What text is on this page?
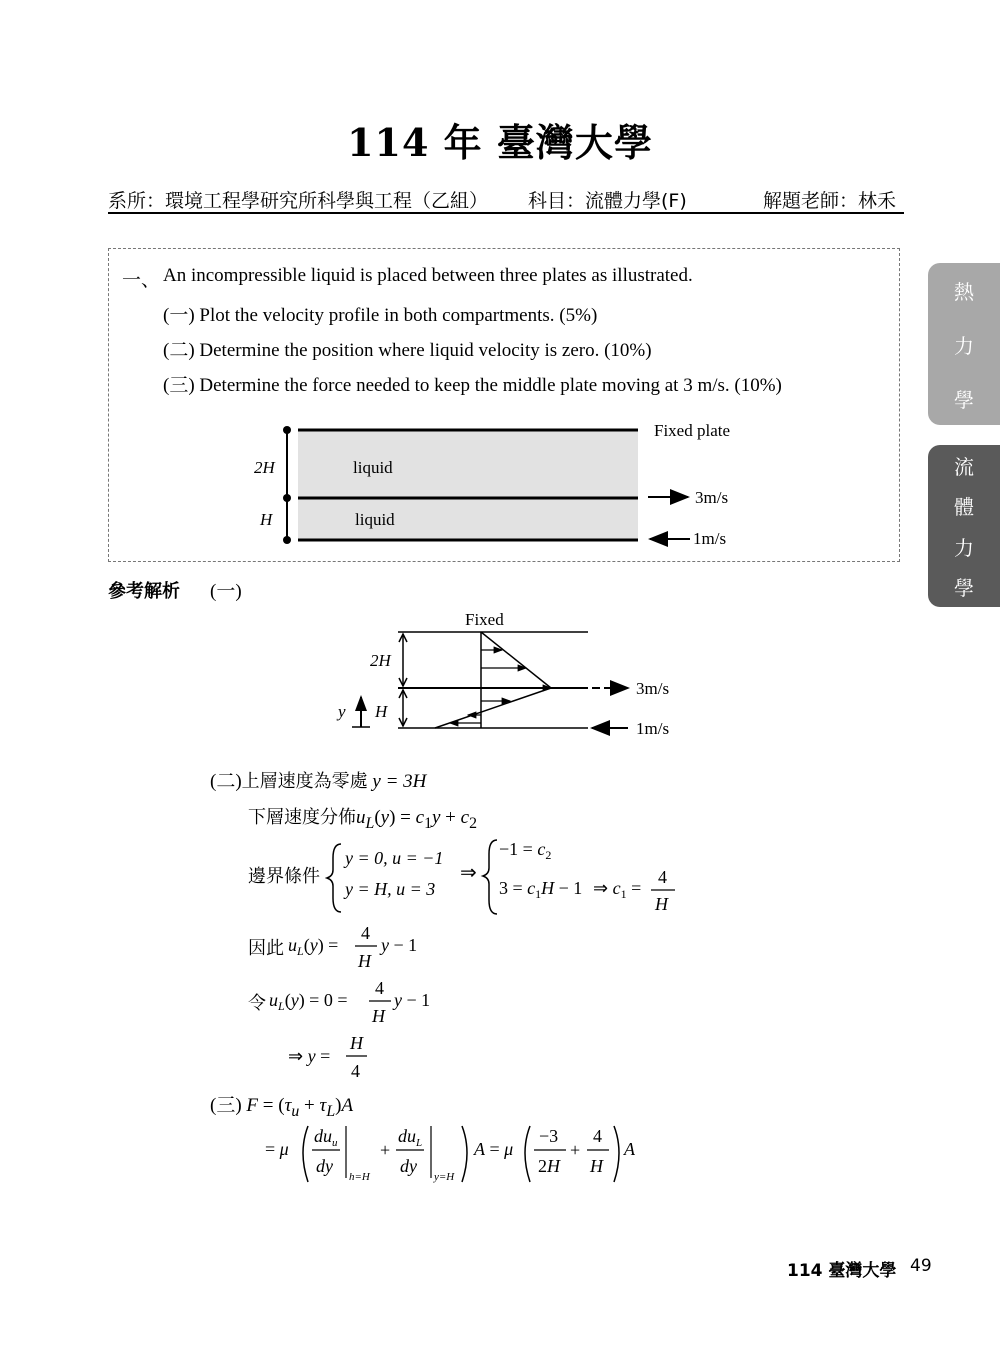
114 年 臺灣大學
系所：環境工程學研究所科學與工程（乙組） 科目：流體力學(F)	解題老師：林禾
熱
力
學
流
體
力
學
一、 An incompressible liquid is placed between three plates as illustrated.
(一) Plot the velocity profile in both compartments. (5%)
(二) Determine the position where liquid velocity is zero. (10%)
(三) Determine the force needed to keep the middle plate moving at 3 m/s. (10%)
2H
H
liquid
liquid
Fixed plate
3m/s
1m/s
參考解析 (一)
Fixed
2H
H
y
3m/s
1m/s
(二)上層速度為零處 y = 3H
下層速度分佈$u_L(y) = c_1y + c_2$
邊界條件
y = 0, u = −1
y = H, u = 3
⇒
$-1 = c_2$
$3 = c_1H - 1$ ⇒ $c_1$ =
4
H
因此 $u_L(y)$ =
4
H
y − 1
令 $u_L(y) = 0$ =
4
H
y − 1
⇒ y =
H
4
(三) $F = (\tau_u + \tau_L)A$
= μ
$du_u$
dy
h=H
+
$du_L$
dy
y=H
A = μ
−3
2H
+
4
H
A
114 臺灣大學 49
